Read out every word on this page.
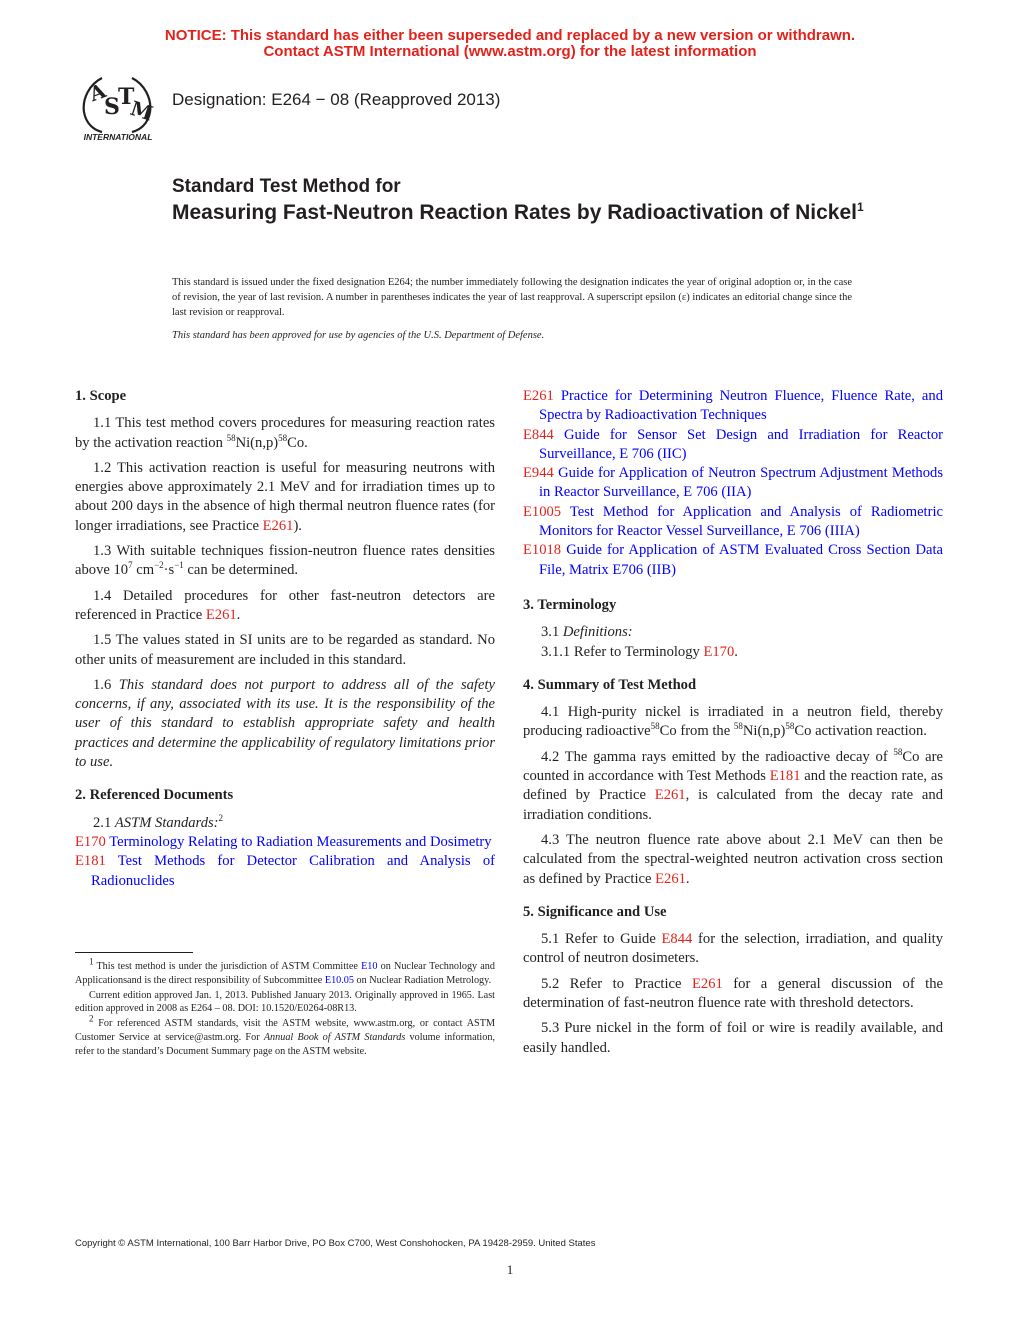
NOTICE: This standard has either been superseded and replaced by a new version or withdrawn.
Contact ASTM International (www.astm.org) for the latest information
A
S
T
M
INTERNATIONAL
Designation: E264 − 08 (Reapproved 2013)
Standard Test Method for
Measuring Fast-Neutron Reaction Rates by Radioactivation of Nickel$^1$
This standard is issued under the fixed designation E264; the number immediately following the designation indicates the year of original adoption or, in the case of revision, the year of last revision. A number in parentheses indicates the year of last reapproval. A superscript epsilon (ε) indicates an editorial change since the last revision or reapproval.
This standard has been approved for use by agencies of the U.S. Department of Defense.

1. Scope

1.1 This test method covers procedures for measuring reaction rates by the activation reaction $^{58}Ni(n,p)^{58}Co$.

1.2 This activation reaction is useful for measuring neutrons with energies above approximately 2.1 MeV and for irradiation times up to about 200 days in the absence of high thermal neutron fluence rates (for longer irradiations, see Practice E261).

1.3 With suitable techniques fission-neutron fluence rates densities above $10^7$ $cm^{-2}\cdot s^{-1}$ can be determined.

1.4 Detailed procedures for other fast-neutron detectors are referenced in Practice E261.

1.5 The values stated in SI units are to be regarded as standard. No other units of measurement are included in this standard.

1.6 This standard does not purport to address all of the safety concerns, if any, associated with its use. It is the responsibility of the user of this standard to establish appropriate safety and health practices and determine the applicability of regulatory limitations prior to use.

2. Referenced Documents

2.1 ASTM Standards:$^2$

E170 Terminology Relating to Radiation Measurements and Dosimetry

E181 Test Methods for Detector Calibration and Analysis of Radionuclides

$^1$ This test method is under the jurisdiction of ASTM Committee E10 on Nuclear Technology and Applicationsand is the direct responsibility of Subcommittee E10.05 on Nuclear Radiation Metrology.

Current edition approved Jan. 1, 2013. Published January 2013. Originally approved in 1965. Last edition approved in 2008 as E264 – 08. DOI: 10.1520/E0264-08R13.

$^2$ For referenced ASTM standards, visit the ASTM website, www.astm.org, or contact ASTM Customer Service at service@astm.org. For Annual Book of ASTM Standards volume information, refer to the standard’s Document Summary page on the ASTM website.

E261 Practice for Determining Neutron Fluence, Fluence Rate, and Spectra by Radioactivation Techniques

E844 Guide for Sensor Set Design and Irradiation for Reactor Surveillance, E 706 (IIC)

E944 Guide for Application of Neutron Spectrum Adjustment Methods in Reactor Surveillance, E 706 (IIA)

E1005 Test Method for Application and Analysis of Radiometric Monitors for Reactor Vessel Surveillance, E 706 (IIIA)

E1018 Guide for Application of ASTM Evaluated Cross Section Data File, Matrix E706 (IIB)

3. Terminology

3.1 Definitions:

3.1.1 Refer to Terminology E170.

4. Summary of Test Method

4.1 High-purity nickel is irradiated in a neutron field, thereby producing radioactive$^{58}$Co from the $^{58}Ni(n,p)^{58}Co$ activation reaction.

4.2 The gamma rays emitted by the radioactive decay of $^{58}$Co are counted in accordance with Test Methods E181 and the reaction rate, as defined by Practice E261, is calculated from the decay rate and irradiation conditions.

4.3 The neutron fluence rate above about 2.1 MeV can then be calculated from the spectral-weighted neutron activation cross section as defined by Practice E261.

5. Significance and Use

5.1 Refer to Guide E844 for the selection, irradiation, and quality control of neutron dosimeters.

5.2 Refer to Practice E261 for a general discussion of the determination of fast-neutron fluence rate with threshold detectors.

5.3 Pure nickel in the form of foil or wire is readily available, and easily handled.

Copyright © ASTM International, 100 Barr Harbor Drive, PO Box C700, West Conshohocken, PA 19428-2959. United States
1
